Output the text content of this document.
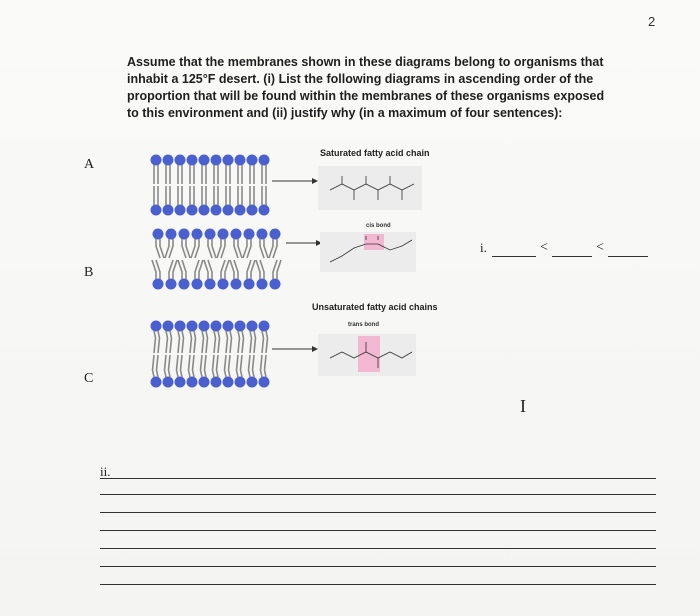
2
Assume that the membranes shown in these diagrams belong to organisms that inhabit a 125°F desert. (i) List the following diagrams in ascending order of the proportion that will be found within the membranes of these organisms exposed to this environment and (ii) justify why (in a maximum of four sentences):
A
B
C
Saturated fatty acid chain
cis bond
Unsaturated fatty acid chains
trans bond
i.	<	<
I
ii.
